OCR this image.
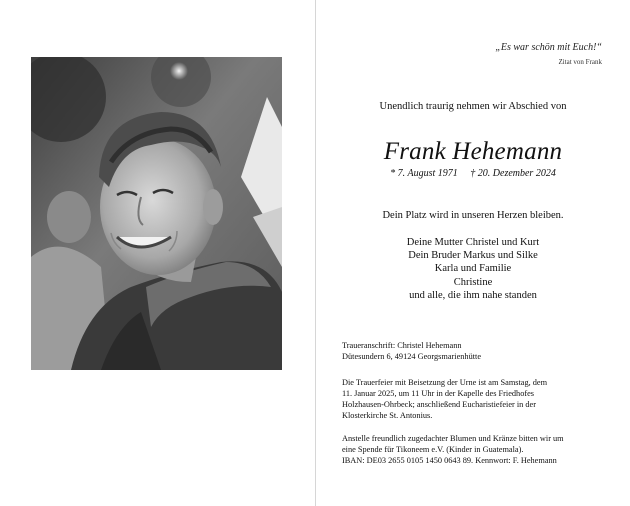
„Es war schön mit Euch!“
Zitat von Frank
Unendlich traurig nehmen wir Abschied von
Frank Hehemann
* 7. August 1971 † 20. Dezember 2024
Dein Platz wird in unseren Herzen bleiben.
Deine Mutter Christel und Kurt
Dein Bruder Markus und Silke
Karla und Familie
Christine
und alle, die ihm nahe standen
Traueranschrift: Christel Hehemann
Dütesundern 6, 49124 Georgsmarienhütte
Die Trauerfeier mit Beisetzung der Urne ist am Samstag, dem
11. Januar 2025, um 11 Uhr in der Kapelle des Friedhofes
Holzhausen-Ohrbeck; anschließend Eucharistiefeier in der
Klosterkirche St. Antonius.
Anstelle freundlich zugedachter Blumen und Kränze bitten wir um
eine Spende für Tikoneem e.V. (Kinder in Guatemala).
IBAN: DE03 2655 0105 1450 0643 89. Kennwort: F. Hehemann
